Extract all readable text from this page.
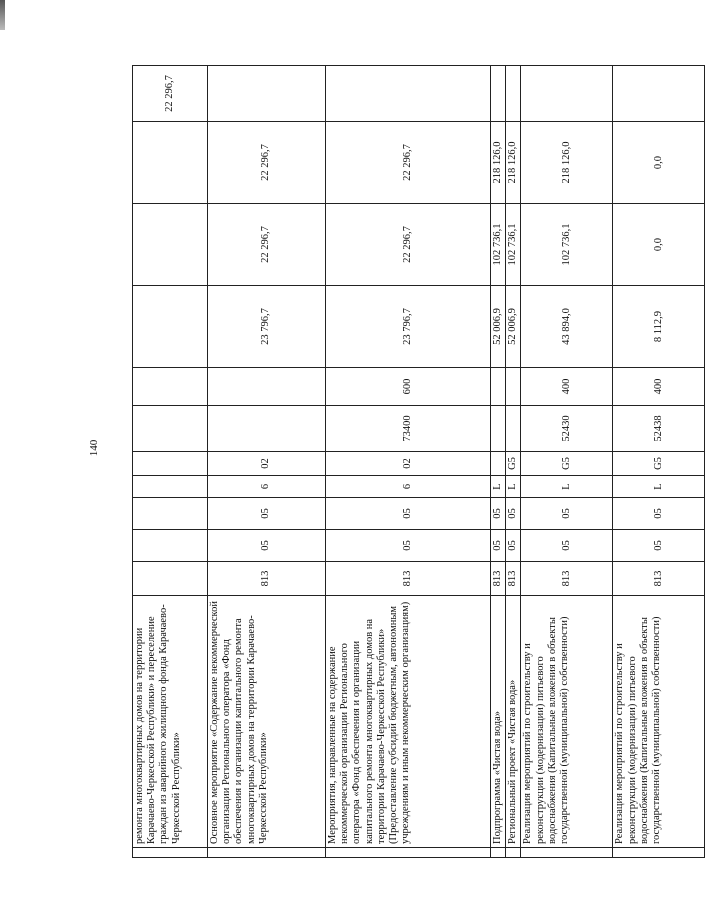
140
	ремонта многоквартирных домов на территории Карачаево-Черкесской Республики» и переселение граждан из аварийного жилищного фонда Карачаево-Черкесской Республики»											22 296,7
	Основное мероприятие «Содержание некоммерческой организации Регионального оператора «Фонд обеспечения и организации капитального ремонта многоквартирных домов на территории Карачаево-Черкесской Республики»	813	05	05	6	02			23 796,7	22 296,7	22 296,7	
	Мероприятия, направленные на содержание некоммерческой организации Регионального оператора «Фонд обеспечения и организации капитального ремонта многоквартирных домов на территории Карачаево-Черкесской Республики» (Предоставление субсидий бюджетным, автономным учреждениям и иным некоммерческим организациям)	813	05	05	6	02	73400	600	23 796,7	22 296,7	22 296,7	
	Подпрограмма «Чистая вода»	813	05	05	L				52 006,9	102 736,1	218 126,0	
	Региональный проект «Чистая вода»	813	05	05	L	G5			52 006,9	102 736,1	218 126,0	
	Реализация мероприятий по строительству и реконструкции (модернизации) питьевого водоснабжения (Капитальные вложения в объекты государственной (муниципальной) собственности)	813	05	05	L	G5	52430	400	43 894,0	102 736,1	218 126,0	
	Реализация мероприятий по строительству и реконструкции (модернизации) питьевого водоснабжения (Капитальные вложения в объекты государственной (муниципальной) собственности)	813	05	05	L	G5	52438	400	8 112,9	0,0	0,0	
